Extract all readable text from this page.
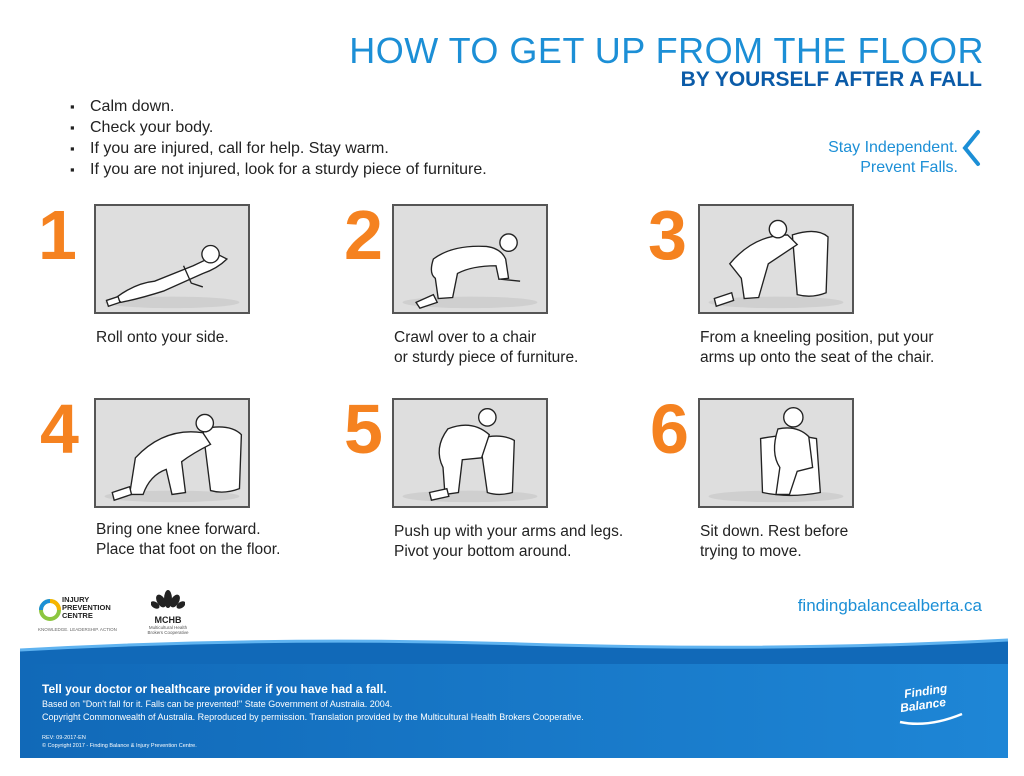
HOW TO GET UP FROM THE FLOOR
BY YOURSELF AFTER A FALL
▪ Calm down.
▪ Check your body.
▪ If you are injured, call for help. Stay warm.
▪ If you are not injured, look for a sturdy piece of furniture.
Stay Independent.
Prevent Falls.
1
Roll onto your side.
2
Crawl over to a chair
or sturdy piece of furniture.
3
From a kneeling position, put your
arms up onto the seat of the chair.
4
Bring one knee forward.
Place that foot on the floor.
5
Push up with your arms and legs.
Pivot your bottom around.
6
Sit down. Rest before
trying to move.
INJURY
PREVENTION
CENTRE
KNOWLEDGE. LEADERSHIP. ACTION
MCHB
Multicultural Health
Brokers Cooperative
findingbalancealberta.ca
Tell your doctor or healthcare provider if you have had a fall.
Based on "Don't fall for it. Falls can be prevented!" State Government of Australia. 2004.
Copyright Commonwealth of Australia. Reproduced by permission. Translation provided by the Multicultural Health Brokers Cooperative.
REV: 09-2017-EN
© Copyright 2017 - Finding Balance & Injury Prevention Centre.
Finding
Balance
